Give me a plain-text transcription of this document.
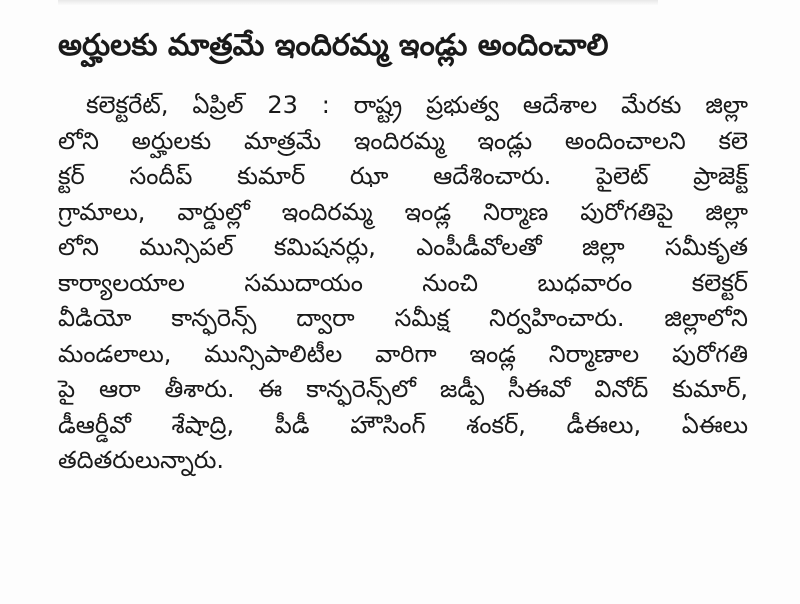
అర్హులకు మాత్రమే ఇందిరమ్మ ఇండ్లు అందించాలి
కలెక్టరేట్, ఏప్రిల్ 23 : రాష్ట్ర ప్రభుత్వ ఆదేశాల మేరకు జిల్లా
లోని అర్హులకు మాత్రమే ఇందిరమ్మ ఇండ్లు అందించాలని కలె
క్టర్ సందీప్ కుమార్ ఝా ఆదేశించారు. పైలెట్ ప్రాజెక్ట్
గ్రామాలు, వార్డుల్లో ఇందిరమ్మ ఇండ్ల నిర్మాణ పురోగతిపై జిల్లా
లోని మున్సిపల్ కమిషనర్లు, ఎంపీడీవోలతో జిల్లా సమీకృత
కార్యాలయాల సముదాయం నుంచి బుధవారం కలెక్టర్
వీడియో కాన్ఫరెన్స్ ద్వారా సమీక్ష నిర్వహించారు. జిల్లాలోని
మండలాలు, మున్సిపాలిటీల వారిగా ఇండ్ల నిర్మాణాల పురోగతి
పై ఆరా తీశారు. ఈ కాన్ఫరెన్స్‌లో జడ్పీ సీఈవో వినోద్ కుమార్,
డీఆర్డీవో శేషాద్రి, పీడీ హౌసింగ్ శంకర్, డీఈలు, ఏఈలు
తదితరులున్నారు.
